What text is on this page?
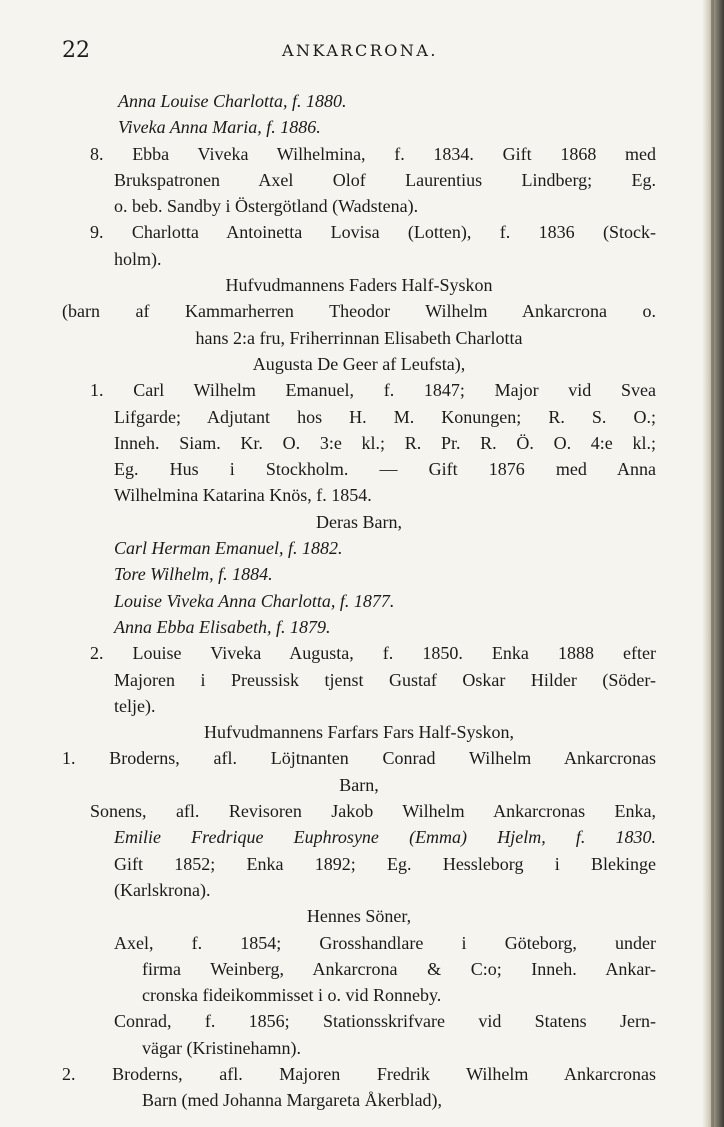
22	ANKARCRONA.
Anna Louise Charlotta, f. 1880.
Viveka Anna Maria, f. 1886.
8. Ebba Viveka Wilhelmina, f. 1834. Gift 1868 med
Brukspatronen Axel Olof Laurentius Lindberg; Eg.
o. beb. Sandby i Östergötland (Wadstena).
9. Charlotta Antoinetta Lovisa (Lotten), f. 1836 (Stock-
holm).
Hufvudmannens Faders Half-Syskon
(barn af Kammarherren Theodor Wilhelm Ankarcrona o.
hans 2:a fru, Friherrinnan Elisabeth Charlotta
Augusta De Geer af Leufsta),
1. Carl Wilhelm Emanuel, f. 1847; Major vid Svea
Lifgarde; Adjutant hos H. M. Konungen; R. S. O.;
Inneh. Siam. Kr. O. 3:e kl.; R. Pr. R. Ö. O. 4:e kl.;
Eg. Hus i Stockholm. — Gift 1876 med Anna
Wilhelmina Katarina Knös, f. 1854.
Deras Barn,
Carl Herman Emanuel, f. 1882.
Tore Wilhelm, f. 1884.
Louise Viveka Anna Charlotta, f. 1877.
Anna Ebba Elisabeth, f. 1879.
2. Louise Viveka Augusta, f. 1850. Enka 1888 efter
Majoren i Preussisk tjenst Gustaf Oskar Hilder (Söder-
telje).
Hufvudmannens Farfars Fars Half-Syskon,
1. Broderns, afl. Löjtnanten Conrad Wilhelm Ankarcronas
Barn,
Sonens, afl. Revisoren Jakob Wilhelm Ankarcronas Enka,
Emilie Fredrique Euphrosyne (Emma) Hjelm, f. 1830.
Gift 1852; Enka 1892; Eg. Hessleborg i Blekinge
(Karlskrona).
Hennes Söner,
Axel, f. 1854; Grosshandlare i Göteborg, under
firma Weinberg, Ankarcrona & C:o; Inneh. Ankar-
cronska fideikommisset i o. vid Ronneby.
Conrad, f. 1856; Stationsskrifvare vid Statens Jern-
vägar (Kristinehamn).
2. Broderns, afl. Majoren Fredrik Wilhelm Ankarcronas
Barn (med Johanna Margareta Åkerblad),
